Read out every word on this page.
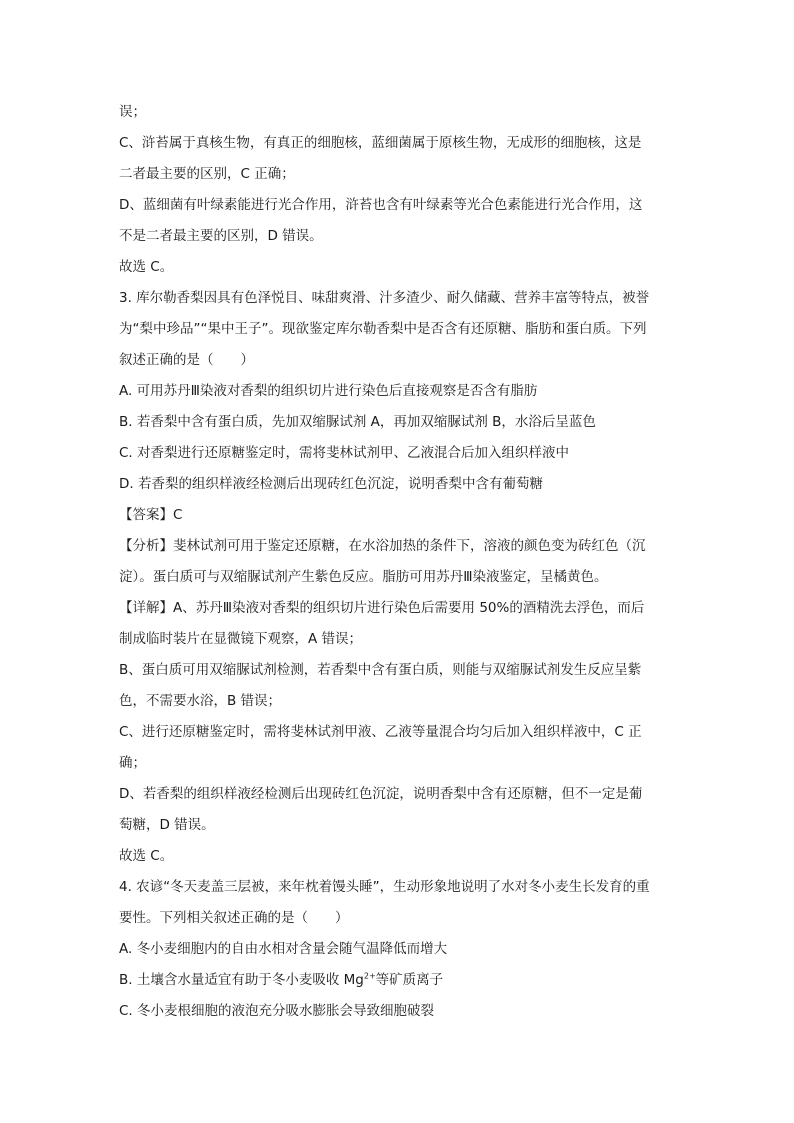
误；
C、浒苔属于真核生物，有真正的细胞核，蓝细菌属于原核生物，无成形的细胞核，这是
二者最主要的区别，C 正确；
D、蓝细菌有叶绿素能进行光合作用，浒苔也含有叶绿素等光合色素能进行光合作用，这
不是二者最主要的区别，D 错误。
故选 C。
3. 库尔勒香梨因具有色泽悦目、味甜爽滑、汁多渣少、耐久储藏、营养丰富等特点，被誉
为“梨中珍品”“果中王子”。现欲鉴定库尔勒香梨中是否含有还原糖、脂肪和蛋白质。下列
叙述正确的是（　　）
A. 可用苏丹Ⅲ染液对香梨的组织切片进行染色后直接观察是否含有脂肪
B. 若香梨中含有蛋白质，先加双缩脲试剂 A，再加双缩脲试剂 B，水浴后呈蓝色
C. 对香梨进行还原糖鉴定时，需将斐林试剂甲、乙液混合后加入组织样液中
D. 若香梨的组织样液经检测后出现砖红色沉淀，说明香梨中含有葡萄糖
【答案】C
【分析】斐林试剂可用于鉴定还原糖，在水浴加热的条件下，溶液的颜色变为砖红色（沉
淀）。蛋白质可与双缩脲试剂产生紫色反应。脂肪可用苏丹Ⅲ染液鉴定，呈橘黄色。
【详解】A、苏丹Ⅲ染液对香梨的组织切片进行染色后需要用 50%的酒精洗去浮色，而后
制成临时装片在显微镜下观察，A 错误；
B、蛋白质可用双缩脲试剂检测，若香梨中含有蛋白质，则能与双缩脲试剂发生反应呈紫
色，不需要水浴，B 错误；
C、进行还原糖鉴定时，需将斐林试剂甲液、乙液等量混合均匀后加入组织样液中，C 正
确；
D、若香梨的组织样液经检测后出现砖红色沉淀，说明香梨中含有还原糖，但不一定是葡
萄糖，D 错误。
故选 C。
4. 农谚“冬天麦盖三层被，来年枕着馒头睡”，生动形象地说明了水对冬小麦生长发育的重
要性。下列相关叙述正确的是（　　）
A. 冬小麦细胞内的自由水相对含量会随气温降低而增大
B. 土壤含水量适宜有助于冬小麦吸收 $Mg^{2+}$等矿质离子
C. 冬小麦根细胞的液泡充分吸水膨胀会导致细胞破裂
